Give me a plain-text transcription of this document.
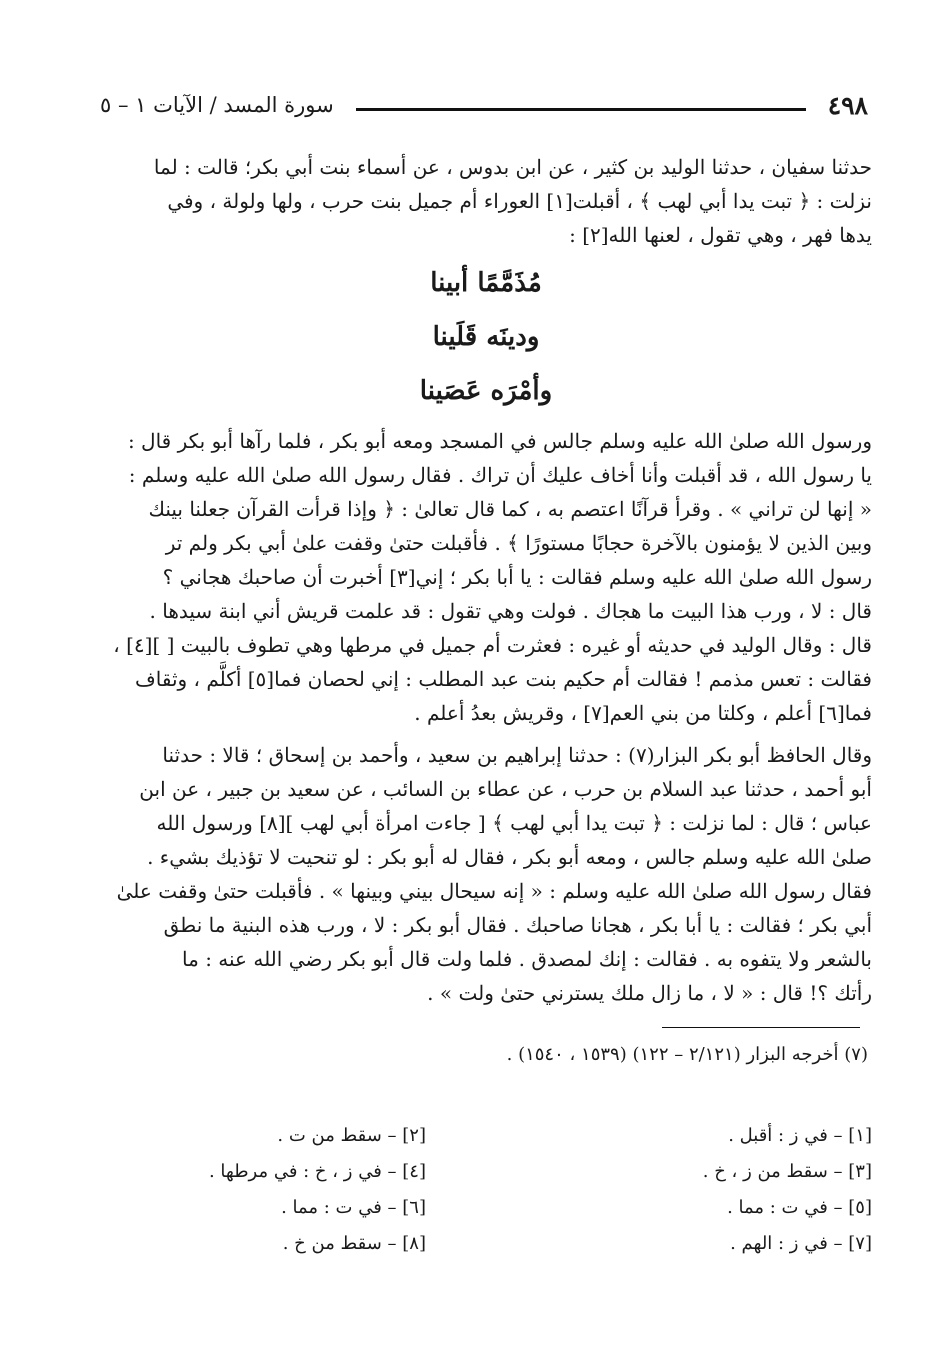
٤٩٨
سورة المسد / الآيات ١ – ٥

حدثنا سفيان ، حدثنا الوليد بن كثير ، عن ابن بدوس ، عن أسماء بنت أبي بكر؛ قالت : لما

نزلت : ﴿ تبت يدا أبي لهب ﴾ ، أقبلت[١] العوراء أم جميل بنت حرب ، ولها ولولة ، وفي

يدها فهر ، وهي تقول ، لعنها الله[٢] :

مُذَمَّمًا أبينا
ودينَه قَلَينا
وأمْرَه عَصَينا

ورسول الله صلىٰ الله عليه وسلم جالس في المسجد ومعه أبو بكر ، فلما رآها أبو بكر قال :

يا رسول الله ، قد أقبلت وأنا أخاف عليك أن تراك . فقال رسول الله صلىٰ الله عليه وسلم :

« إنها لن تراني » . وقرأ قرآنًا اعتصم به ، كما قال تعالىٰ : ﴿ وإذا قرأت القرآن جعلنا بينك

وبين الذين لا يؤمنون بالآخرة حجابًا مستورًا ﴾ . فأقبلت حتىٰ وقفت علىٰ أبي بكر ولم تر

رسول الله صلىٰ الله عليه وسلم فقالت : يا أبا بكر ؛ إني[٣] أخبرت أن صاحبك هجاني ؟

قال : لا ، ورب هذا البيت ما هجاك . فولت وهي تقول : قد علمت قريش أني ابنة سيدها .

قال : وقال الوليد في حديثه أو غيره : فعثرت أم جميل في مرطها وهي تطوف بالبيت [ ][٤] ،

فقالت : تعس مذمم ! فقالت أم حكيم بنت عبد المطلب : إني لحصان فما[٥] أكلَّم ، وثقاف

فما[٦] أعلم ، وكلتا من بني العم[٧] ، وقريش بعدُ أعلم .

وقال الحافظ أبو بكر البزار(٧) : حدثنا إبراهيم بن سعيد ، وأحمد بن إسحاق ؛ قالا : حدثنا

أبو أحمد ، حدثنا عبد السلام بن حرب ، عن عطاء بن السائب ، عن سعيد بن جبير ، عن ابن

عباس ؛ قال : لما نزلت : ﴿ تبت يدا أبي لهب ﴾ [ جاءت امرأة أبي لهب ][٨] ورسول الله

صلىٰ الله عليه وسلم جالس ، ومعه أبو بكر ، فقال له أبو بكر : لو تنحيت لا تؤذيك بشيء .

فقال رسول الله صلىٰ الله عليه وسلم : « إنه سيحال بيني وبينها » . فأقبلت حتىٰ وقفت علىٰ

أبي بكر ؛ فقالت : يا أبا بكر ، هجانا صاحبك . فقال أبو بكر : لا ، ورب هذه البنية ما نطق

بالشعر ولا يتفوه به . فقالت : إنك لمصدق . فلما ولت قال أبو بكر رضي الله عنه : ما

رأتك ؟! قال : « لا ، ما زال ملك يسترني حتىٰ ولت » .

(٧) أخرجه البزار (٢/١٢١ – ١٢٢) (١٥٣٩ ، ١٥٤٠) .
[١] – في ز : أقبل .
[٢] – سقط من ت .
[٣] – سقط من ز ، خ .
[٤] – في ز ، خ : في مرطها .
[٥] – في ت : مما .
[٦] – في ت : مما .
[٧] – في ز : الهم .
[٨] – سقط من خ .
